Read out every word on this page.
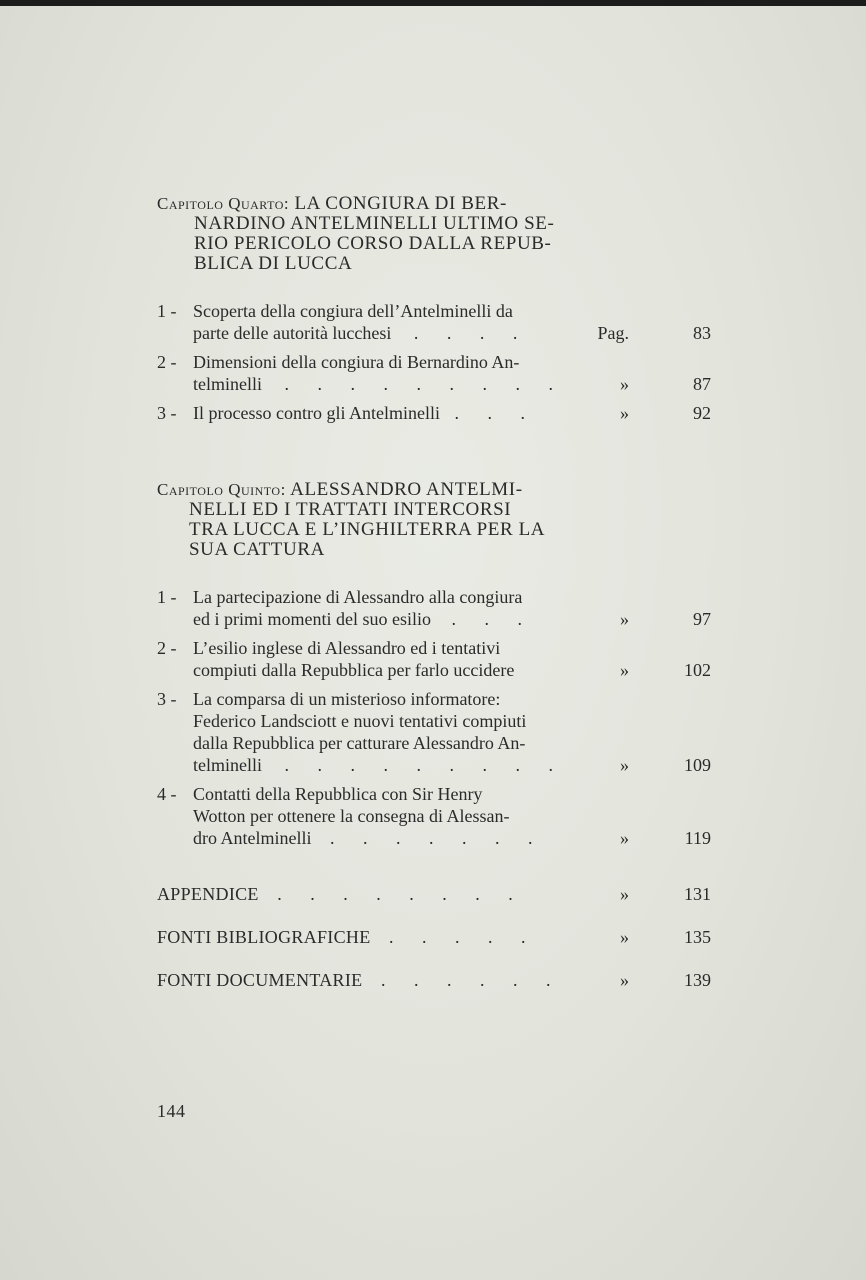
Capitolo Quarto: LA CONGIURA DI BER-
NARDINO ANTELMINELLI ULTIMO SE-
RIO PERICOLO CORSO DALLA REPUB-
BLICA DI LUCCA
1 - Scoperta della congiura dell’Antelminelli da
parte delle autorità lucchesi . . . .	Pag.	83
2 - Dimensioni della congiura di Bernardino An-
telminelli . . . . . . . . .	»	87
3 - Il processo contro gli Antelminelli . . .	»	92
Capitolo Quinto: ALESSANDRO ANTELMI-
NELLI ED I TRATTATI INTERCORSI
TRA LUCCA E L’INGHILTERRA PER LA
SUA CATTURA
1 - La partecipazione di Alessandro alla congiura
ed i primi momenti del suo esilio . . .	»	97
2 - L’esilio inglese di Alessandro ed i tentativi
compiuti dalla Repubblica per farlo uccidere	»	102
3 - La comparsa di un misterioso informatore:
Federico Landsciott e nuovi tentativi compiuti
dalla Repubblica per catturare Alessandro An-
telminelli . . . . . . . . .	»	109
4 - Contatti della Repubblica con Sir Henry
Wotton per ottenere la consegna di Alessan-
dro Antelminelli . . . . . . .	»	119
APPENDICE . . . . . . . .	»	131
FONTI BIBLIOGRAFICHE . . . . .	»	135
FONTI DOCUMENTARIE . . . . . .	»	139
144
